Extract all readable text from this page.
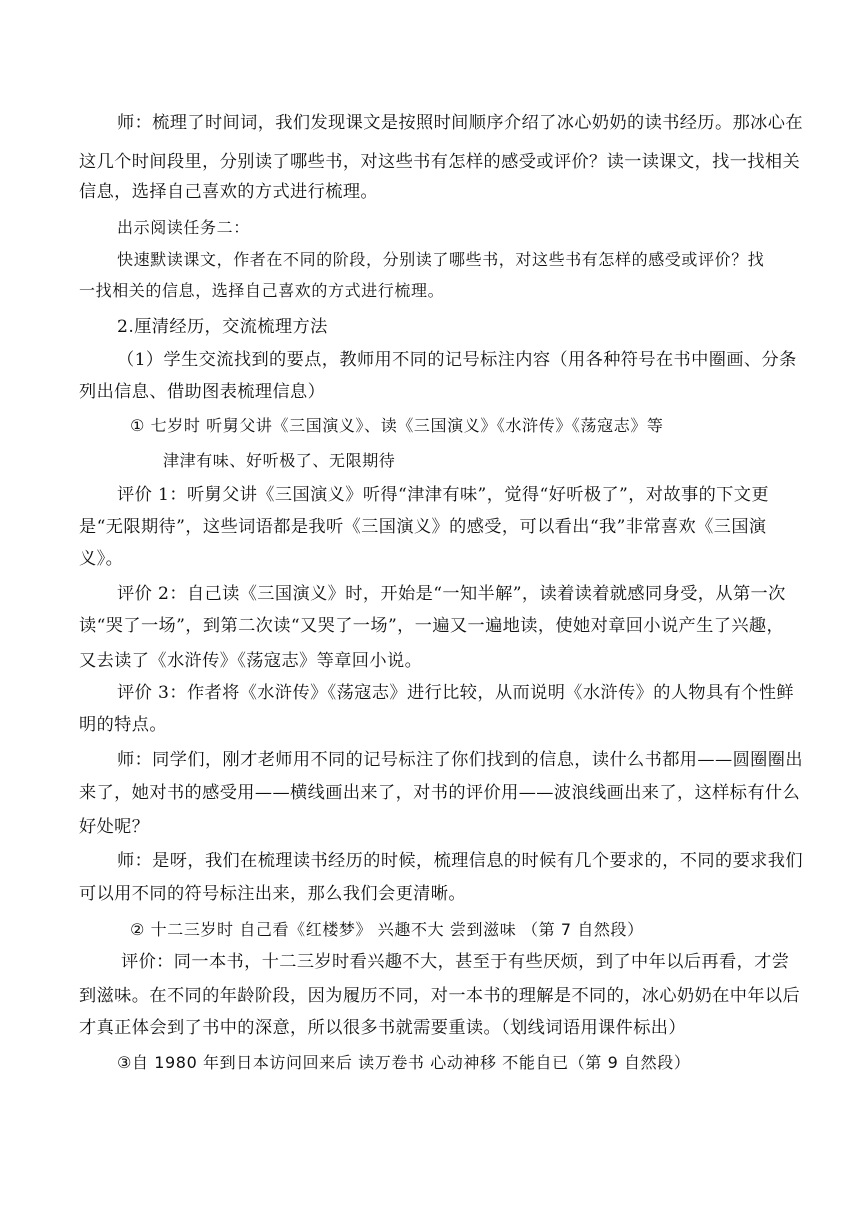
师：梳理了时间词，我们发现课文是按照时间顺序介绍了冰心奶奶的读书经历。那冰心在
这几个时间段里，分别读了哪些书，对这些书有怎样的感受或评价？读一读课文，找一找相关
信息，选择自己喜欢的方式进行梳理。
出示阅读任务二：
快速默读课文，作者在不同的阶段，分别读了哪些书，对这些书有怎样的感受或评价？找
一找相关的信息，选择自己喜欢的方式进行梳理。
2.厘清经历，交流梳理方法
（1）学生交流找到的要点，教师用不同的记号标注内容（用各种符号在书中圈画、分条
列出信息、借助图表梳理信息）
① 七岁时 听舅父讲《三国演义》、读《三国演义》《水浒传》《荡寇志》等
津津有味、好听极了、无限期待
评价 1：听舅父讲《三国演义》听得“津津有味”，觉得“好听极了”，对故事的下文更
是“无限期待”，这些词语都是我听《三国演义》的感受，可以看出“我”非常喜欢《三国演
义》。
评价 2：自己读《三国演义》时，开始是“一知半解”，读着读着就感同身受，从第一次
读“哭了一场”，到第二次读“又哭了一场”，一遍又一遍地读，使她对章回小说产生了兴趣，
又去读了《水浒传》《荡寇志》等章回小说。
评价 3：作者将《水浒传》《荡寇志》进行比较，从而说明《水浒传》的人物具有个性鲜
明的特点。
师：同学们，刚才老师用不同的记号标注了你们找到的信息，读什么书都用——圆圈圈出
来了，她对书的感受用——横线画出来了，对书的评价用——波浪线画出来了，这样标有什么
好处呢？
师：是呀，我们在梳理读书经历的时候，梳理信息的时候有几个要求的，不同的要求我们
可以用不同的符号标注出来，那么我们会更清晰。
② 十二三岁时 自己看《红楼梦》 兴趣不大 尝到滋味 （第 7 自然段）
评价：同一本书，十二三岁时看兴趣不大，甚至于有些厌烦，到了中年以后再看，才尝
到滋味。在不同的年龄阶段，因为履历不同，对一本书的理解是不同的，冰心奶奶在中年以后
才真正体会到了书中的深意，所以很多书就需要重读。（划线词语用课件标出）
③自 1980 年到日本访问回来后 读万卷书 心动神移 不能自已（第 9 自然段）
